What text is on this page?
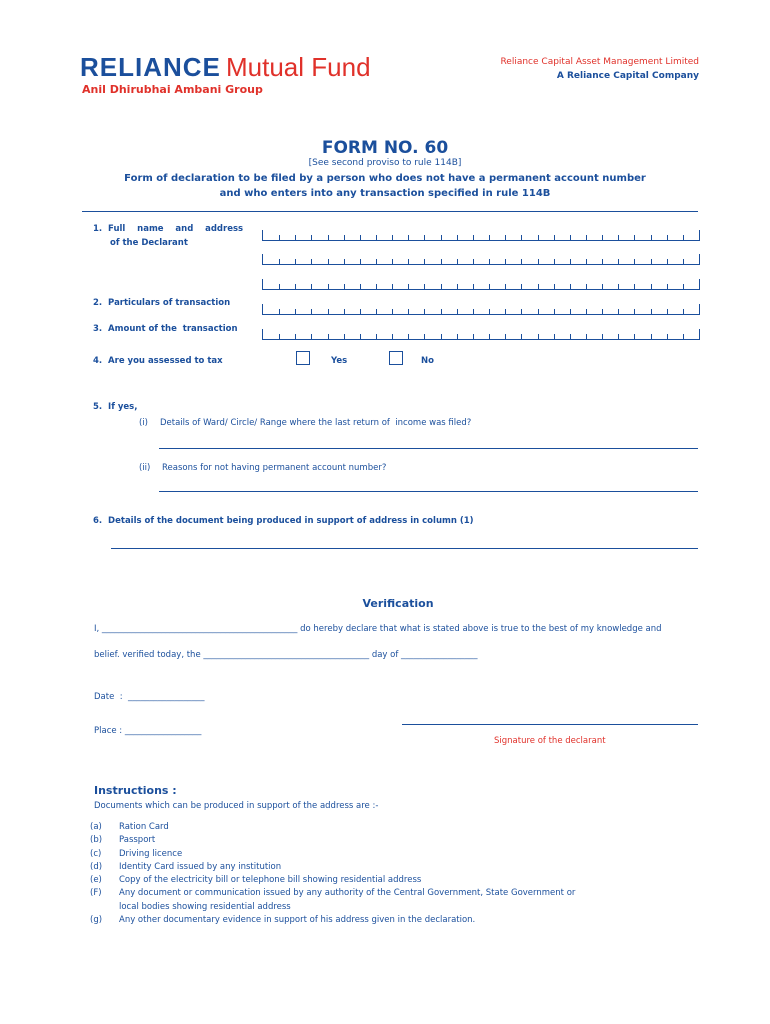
RELIANCE Mutual Fund
Anil Dhirubhai Ambani Group
Reliance Capital Asset Management Limited
A Reliance Capital Company
FORM NO. 60
[See second proviso to rule 114B]
Form of declaration to be filed by a person who does not have a permanent account number
and who enters into any transaction specified in rule 114B
1.  Full    name    and    address
of the Declarant
2.  Particulars of transaction
3.  Amount of the  transaction
4.  Are you assessed to tax	Yes	No
5.  If yes,
(i) Details of Ward/ Circle/ Range where the last return of  income was filed?
(ii) Reasons for not having permanent account number?
6.  Details of the document being produced in support of address in column (1)
Verification
I, ______________________________________________ do hereby declare that what is stated above is true to the best of my knowledge and
belief. verified today, the _______________________________________ day of __________________
Date  :  __________________
Place : __________________
Signature of the declarant
Instructions :
Documents which can be produced in support of the address are :-
(a) Ration Card
(b) Passport
(c) Driving licence
(d) Identity Card issued by any institution
(e) Copy of the electricity bill or telephone bill showing residential address
(F) Any document or communication issued by any authority of the Central Government, State Government or
local bodies showing residential address
(g) Any other documentary evidence in support of his address given in the declaration.
